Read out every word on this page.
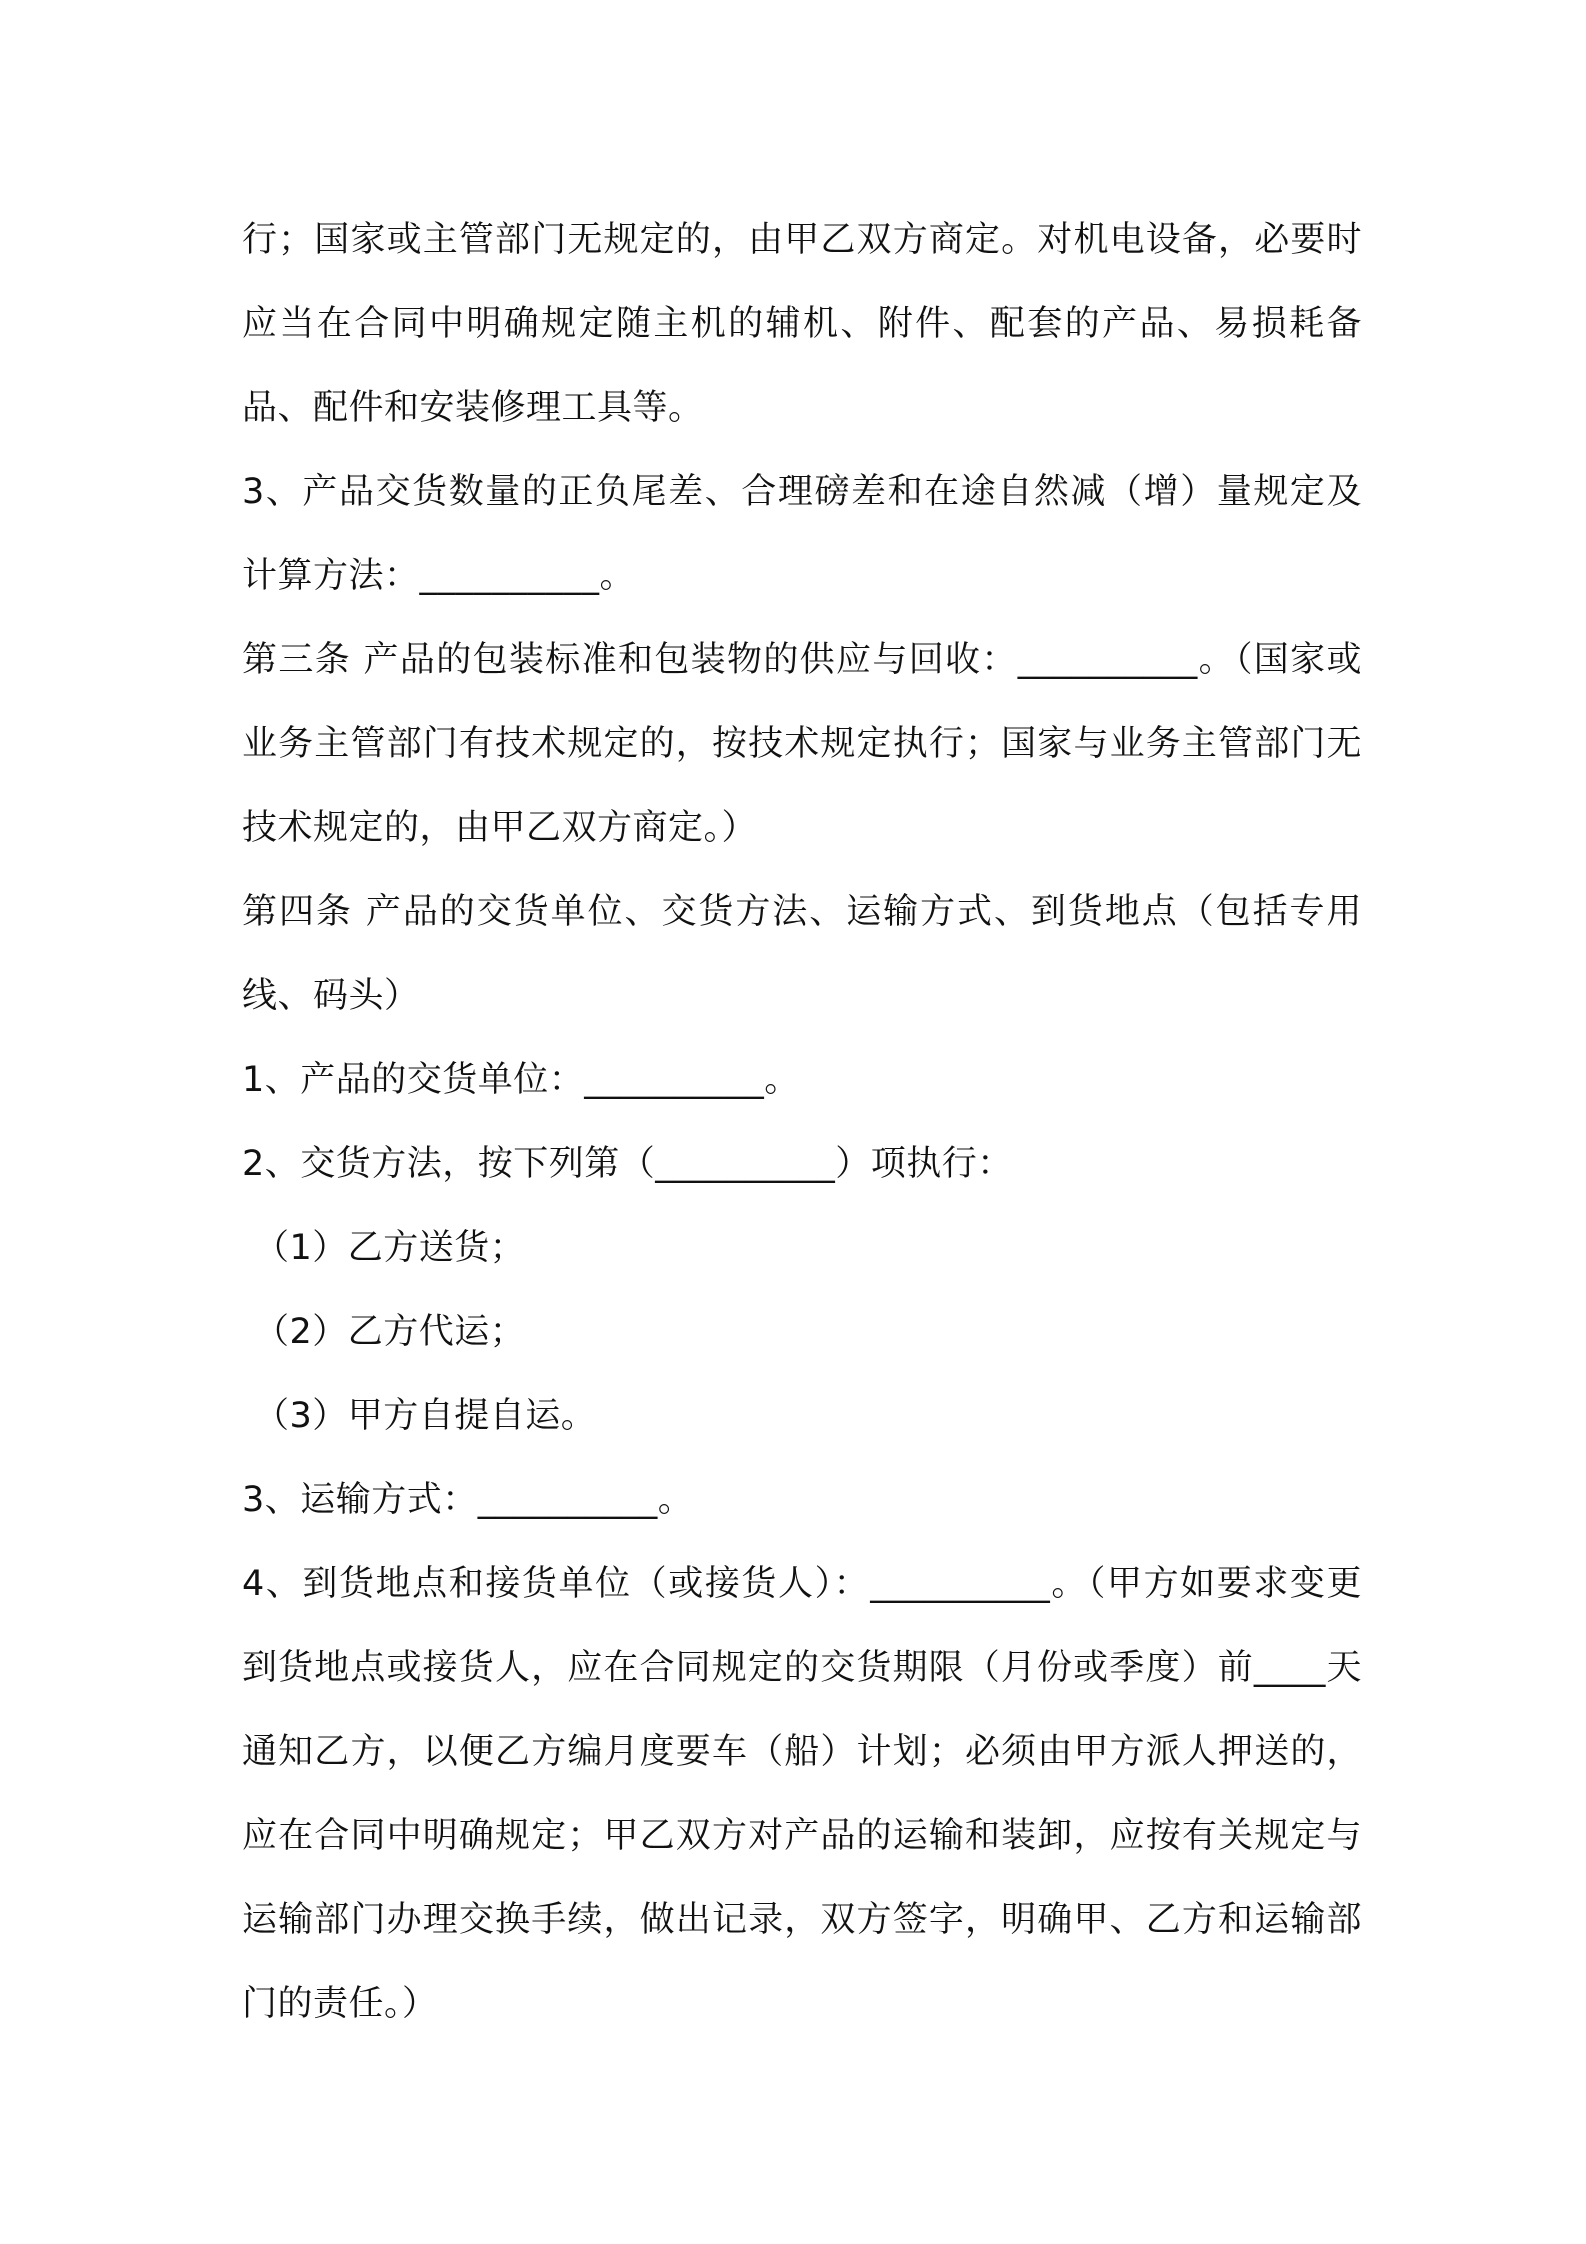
行；国家或主管部门无规定的，由甲乙双方商定。对机电设备，必要时应当在合同中明确规定随主机的辅机、附件、配套的产品、易损耗备品、配件和安装修理工具等。

3、产品交货数量的正负尾差、合理磅差和在途自然减（增）量规定及计算方法：__________。

第三条 产品的包装标准和包装物的供应与回收：__________。（国家或业务主管部门有技术规定的，按技术规定执行；国家与业务主管部门无技术规定的，由甲乙双方商定。）

第四条 产品的交货单位、交货方法、运输方式、到货地点（包括专用线、码头）

1、产品的交货单位：__________。

2、交货方法，按下列第（__________）项执行：

（1）乙方送货；

（2）乙方代运；

（3）甲方自提自运。

3、运输方式：__________。

4、到货地点和接货单位（或接货人）：__________。（甲方如要求变更到货地点或接货人，应在合同规定的交货期限（月份或季度）前____天通知乙方，以便乙方编月度要车（船）计划；必须由甲方派人押送的，应在合同中明确规定；甲乙双方对产品的运输和装卸，应按有关规定与运输部门办理交换手续，做出记录，双方签字，明确甲、乙方和运输部门的责任。）
